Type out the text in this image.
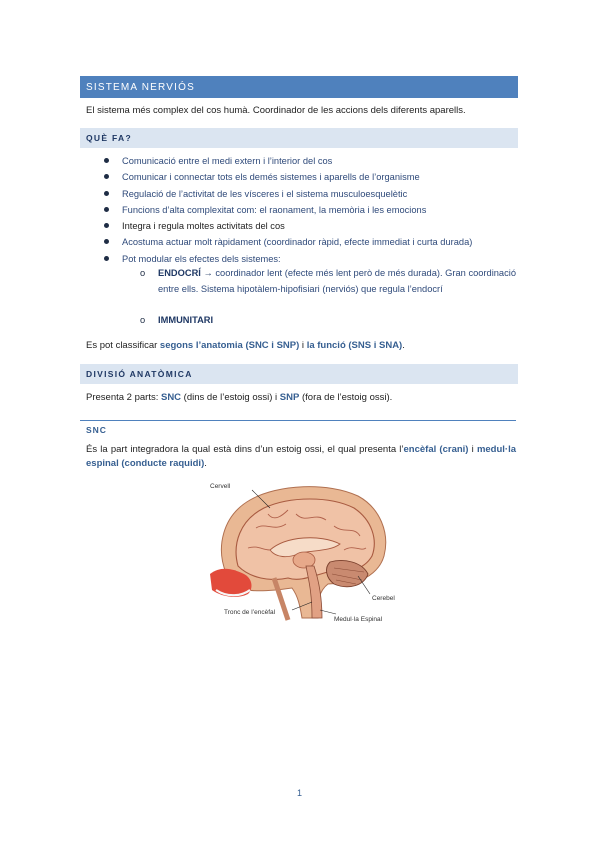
SISTEMA NERVIÓS
El sistema més complex del cos humà. Coordinador de les accions dels diferents aparells.
QUÈ FA?
Comunicació entre el medi extern i l’interior del cos
Comunicar i connectar tots els demés sistemes i aparells de l’organisme
Regulació de l’activitat de les vísceres i el sistema musculoesquelètic
Funcions d’alta complexitat com: el raonament, la memòria i les emocions
Integra i regula moltes activitats del cos
Acostuma actuar molt ràpidament (coordinador ràpid, efecte immediat i curta durada)
Pot modular els efectes dels sistemes:
o ENDOCRÍ → coordinador lent (efecte més lent però de més durada). Gran coordinació entre ells. Sistema hipotàlem-hipofisiari (nerviós) que regula l’endocrí
o IMMUNITARI
Es pot classificar segons l’anatomia (SNC i SNP) i la funció (SNS i SNA).
DIVISIÓ ANATÒMICA
Presenta 2 parts: SNC (dins de l’estoig ossi) i SNP (fora de l’estoig ossi).
SNC
És la part integradora la qual està dins d’un estoig ossi, el qual presenta l’encèfal (crani) i medul·la espinal (conducte raquidi).
Cervell
Cerebel
Tronc de l’encèfal
Medul·la Espinal
1
